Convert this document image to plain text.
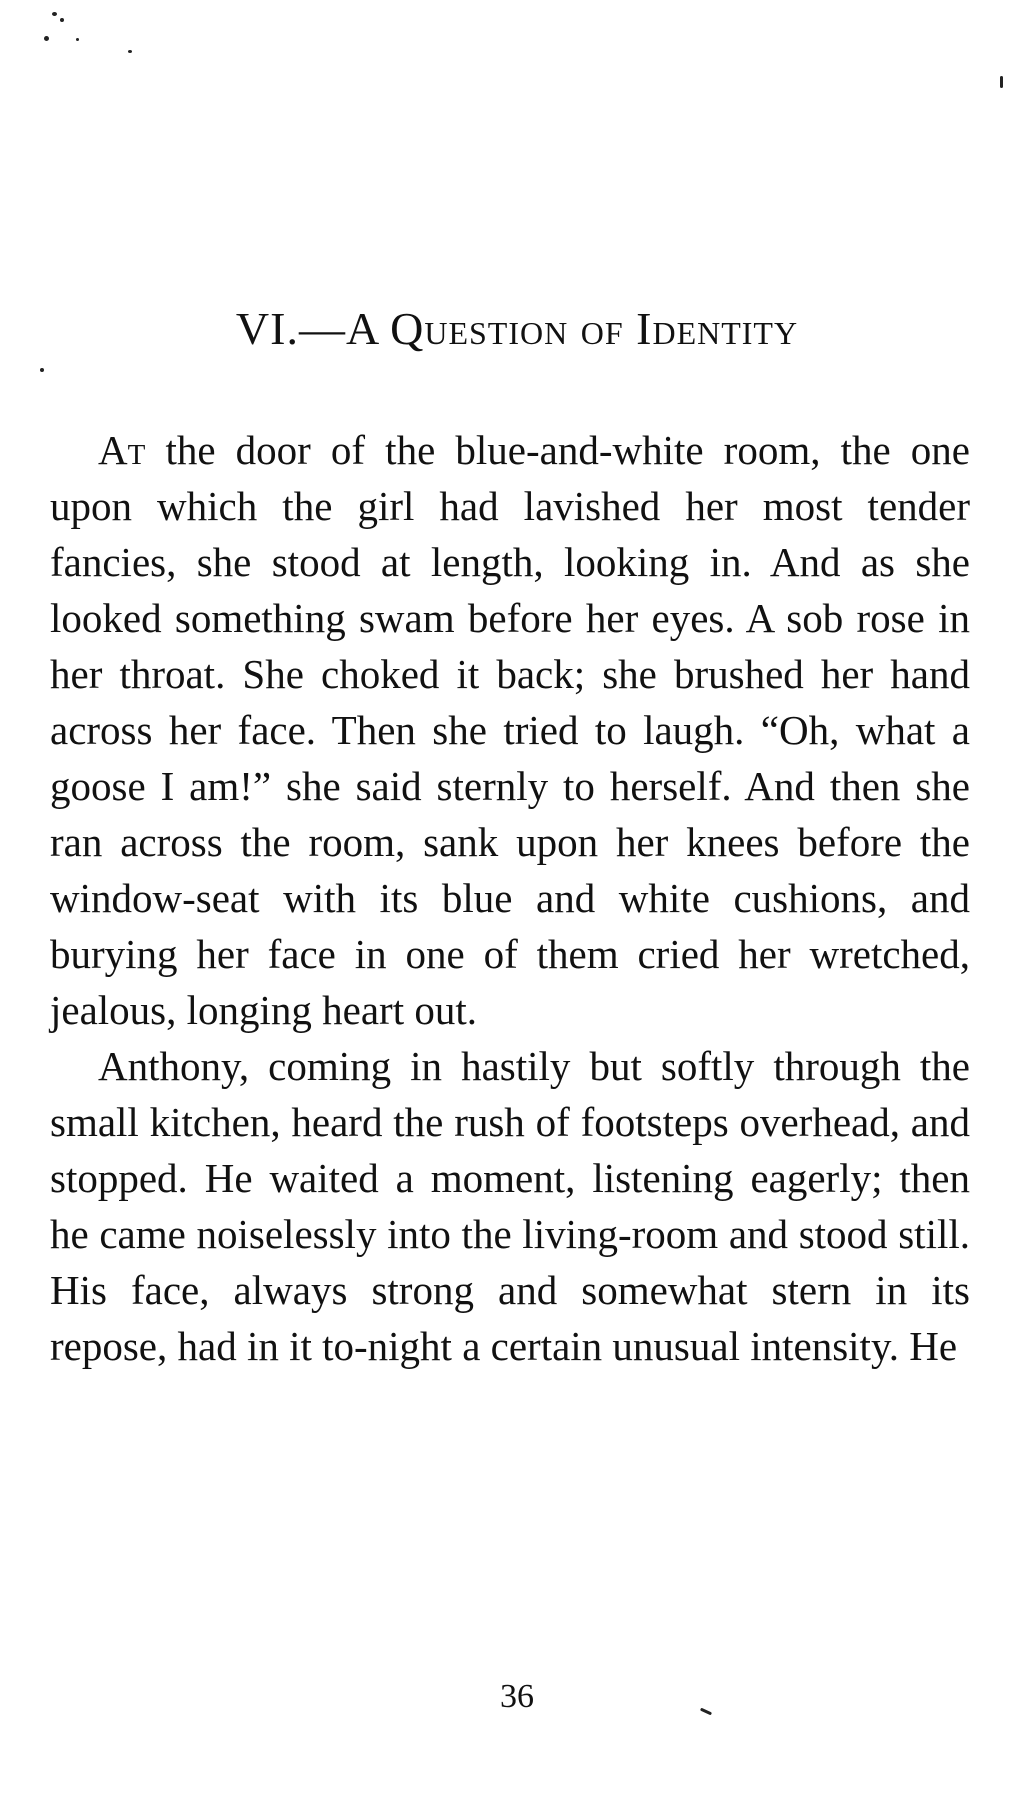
VI.—A Question of Identity

At the door of the blue-and-white room, the one upon which the girl had lavished her most tender fancies, she stood at length, looking in. And as she looked something swam before her eyes. A sob rose in her throat. She choked it back; she brushed her hand across her face. Then she tried to laugh. “Oh, what a goose I am!” she said sternly to herself. And then she ran across the room, sank upon her knees before the window-seat with its blue and white cushions, and burying her face in one of them cried her wretched, jealous, longing heart out.

Anthony, coming in hastily but softly through the small kitchen, heard the rush of footsteps overhead, and stopped. He waited a moment, listening eagerly; then he came noiselessly into the living-room and stood still. His face, always strong and somewhat stern in its repose, had in it to-night a certain unusual intensity. He

36
